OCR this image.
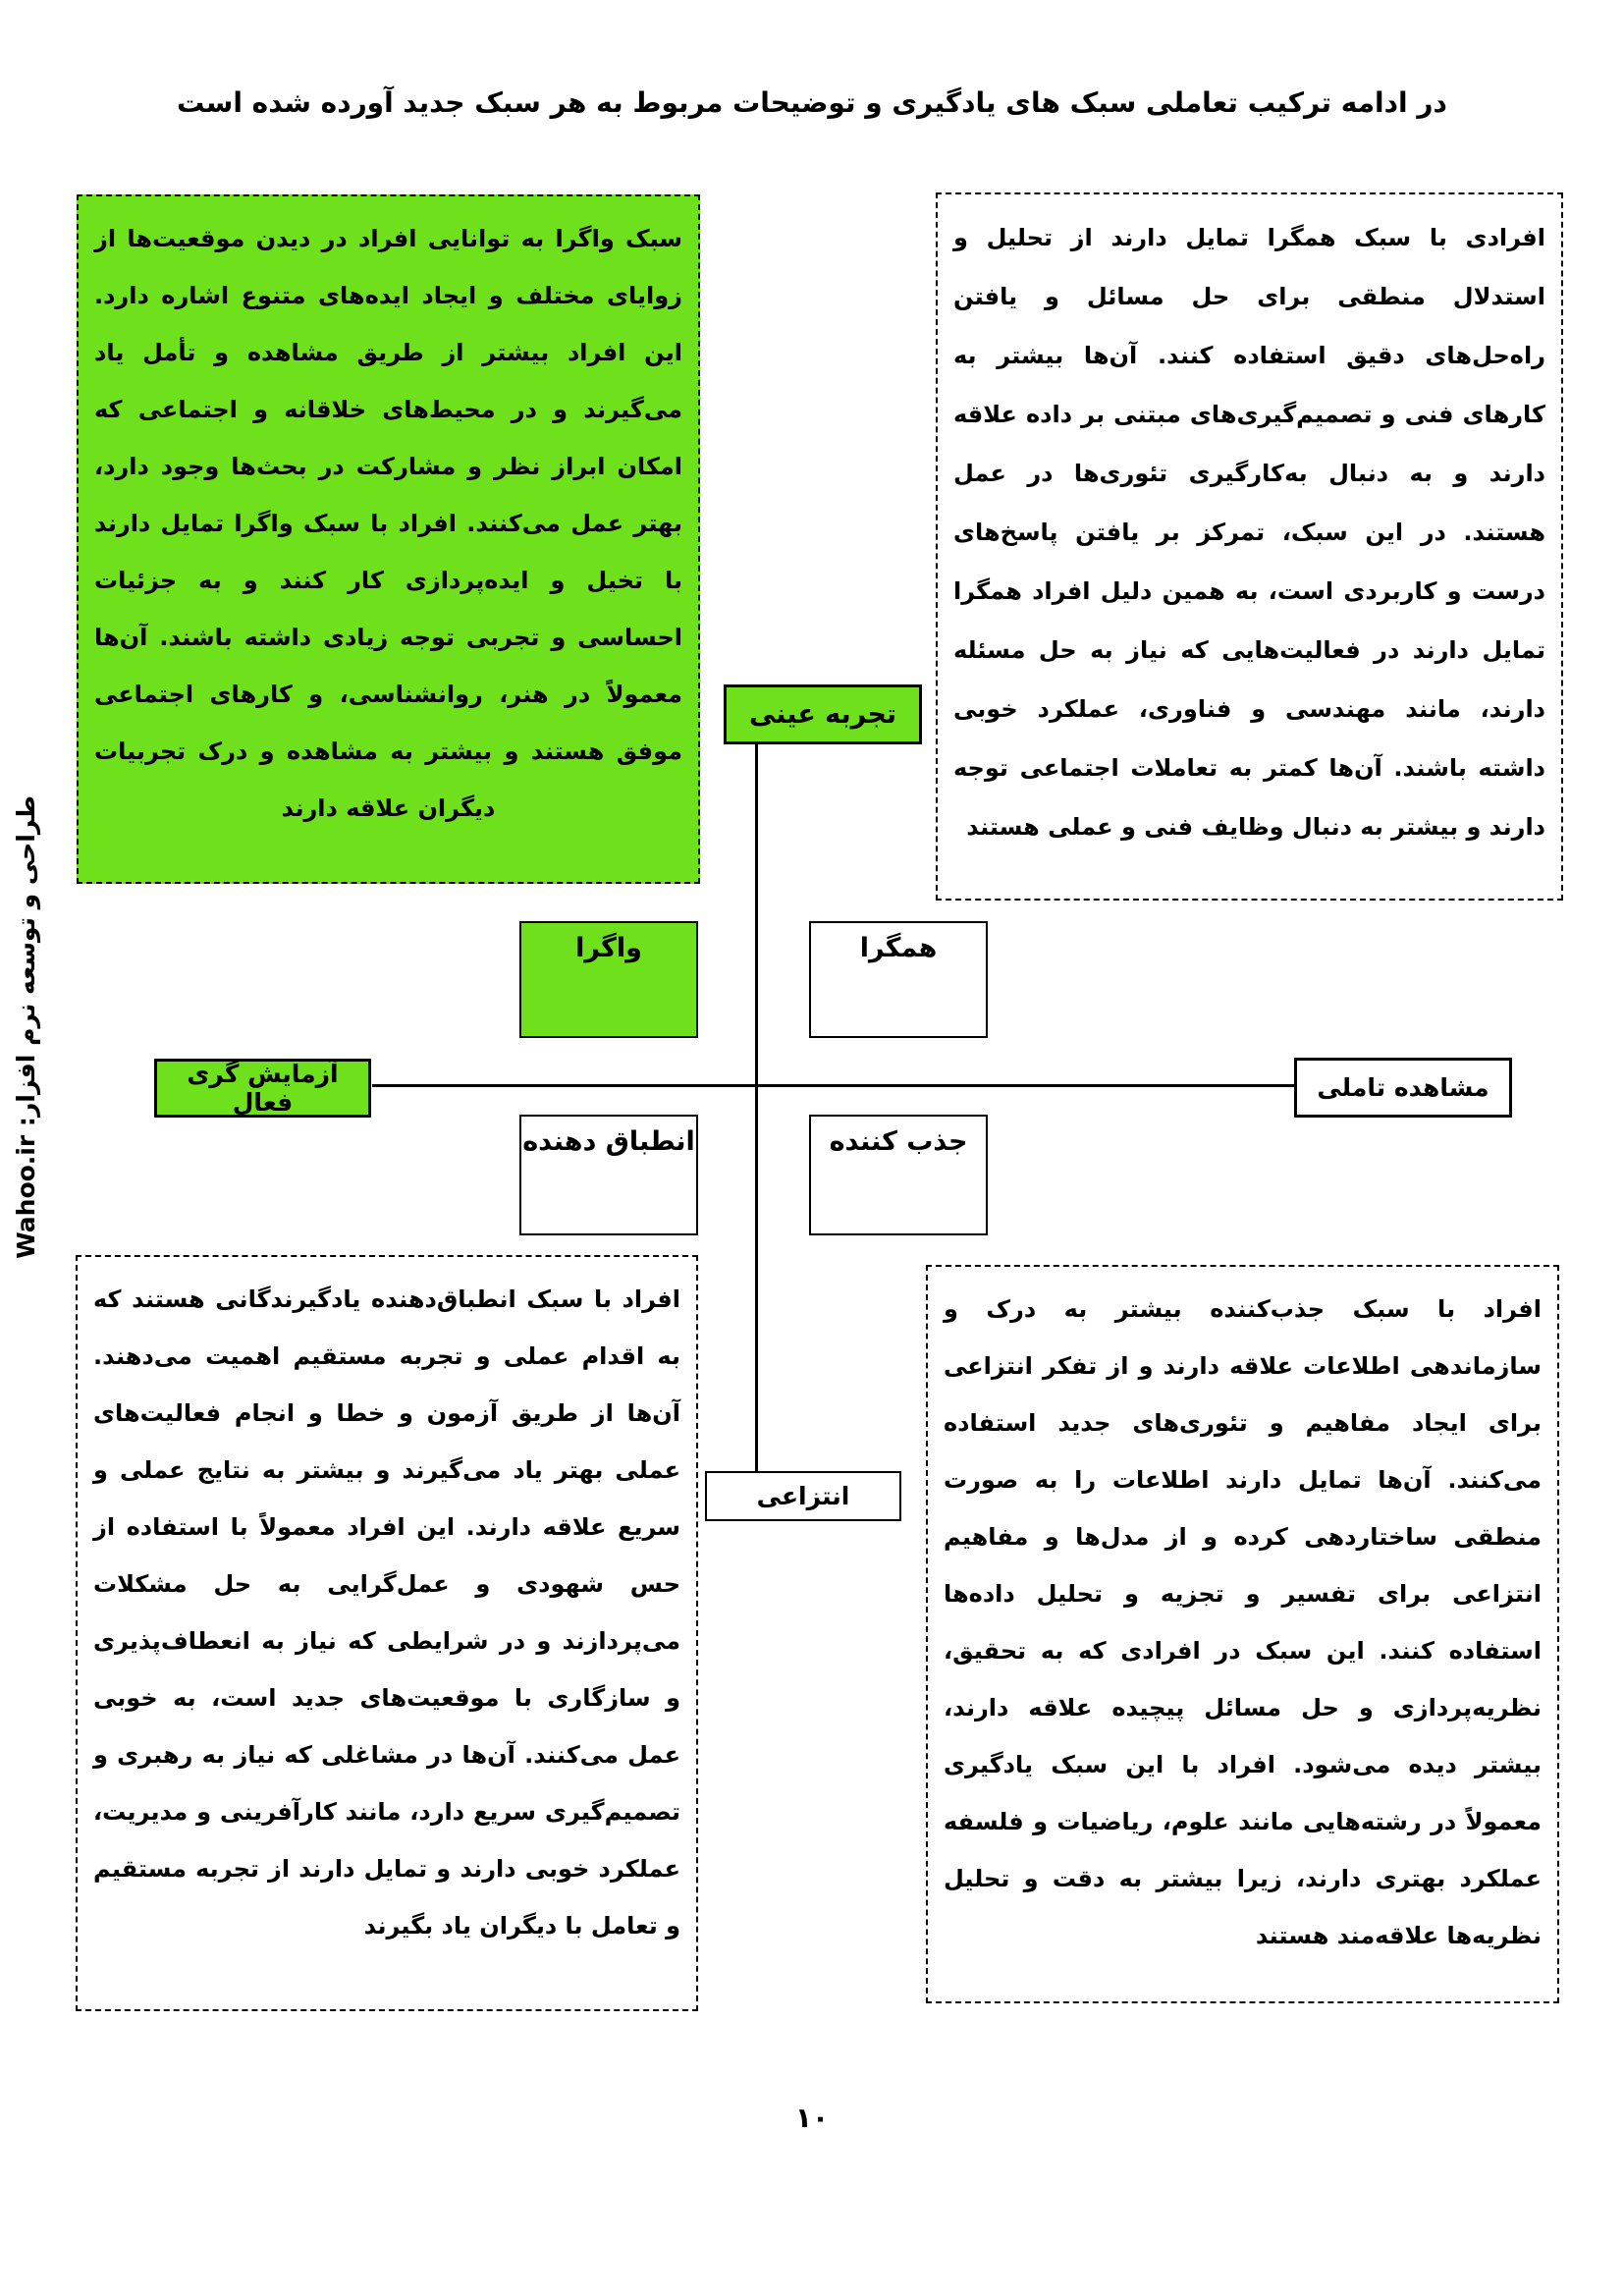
در ادامه ترکیب تعاملی سبک های یادگیری و توضیحات مربوط به هر سبک جدید آورده شده است
سبک واگرا به توانایی افراد در دیدن موقعیت‌ها از زوایای مختلف و ایجاد ایده‌های متنوع اشاره دارد. این افراد بیشتر از طریق مشاهده و تأمل یاد می‌گیرند و در محیط‌های خلاقانه و اجتماعی که امکان ابراز نظر و مشارکت در بحث‌ها وجود دارد، بهتر عمل می‌کنند. افراد با سبک واگرا تمایل دارند با تخیل و ایده‌پردازی کار کنند و به جزئیات احساسی و تجربی توجه زیادی داشته باشند. آن‌ها معمولاً در هنر، روانشناسی، و کارهای اجتماعی موفق هستند و بیشتر به مشاهده و درک تجربیات دیگران علاقه دارند
افرادی با سبک همگرا تمایل دارند از تحلیل و استدلال منطقی برای حل مسائل و یافتن راه‌حل‌های دقیق استفاده کنند. آن‌ها بیشتر به کارهای فنی و تصمیم‌گیری‌های مبتنی بر داده علاقه دارند و به دنبال به‌کارگیری تئوری‌ها در عمل هستند. در این سبک، تمرکز بر یافتن پاسخ‌های درست و کاربردی است، به همین دلیل افراد همگرا تمایل دارند در فعالیت‌هایی که نیاز به حل مسئله دارند، مانند مهندسی و فناوری، عملکرد خوبی داشته باشند. آن‌ها کمتر به تعاملات اجتماعی توجه دارند و بیشتر به دنبال وظایف فنی و عملی هستند
افراد با سبک انطباق‌دهنده یادگیرندگانی هستند که به اقدام عملی و تجربه مستقیم اهمیت می‌دهند. آن‌ها از طریق آزمون و خطا و انجام فعالیت‌های عملی بهتر یاد می‌گیرند و بیشتر به نتایج عملی و سریع علاقه دارند. این افراد معمولاً با استفاده از حس شهودی و عمل‌گرایی به حل مشکلات می‌پردازند و در شرایطی که نیاز به انعطاف‌پذیری و سازگاری با موقعیت‌های جدید است، به خوبی عمل می‌کنند. آن‌ها در مشاغلی که نیاز به رهبری و تصمیم‌گیری سریع دارد، مانند کارآفرینی و مدیریت، عملکرد خوبی دارند و تمایل دارند از تجربه مستقیم و تعامل با دیگران یاد بگیرند
افراد با سبک جذب‌کننده بیشتر به درک و سازماندهی اطلاعات علاقه دارند و از تفکر انتزاعی برای ایجاد مفاهیم و تئوری‌های جدید استفاده می‌کنند. آن‌ها تمایل دارند اطلاعات را به صورت منطقی ساختاردهی کرده و از مدل‌ها و مفاهیم انتزاعی برای تفسیر و تجزیه و تحلیل داده‌ها استفاده کنند. این سبک در افرادی که به تحقیق، نظریه‌پردازی و حل مسائل پیچیده علاقه دارند، بیشتر دیده می‌شود. افراد با این سبک یادگیری معمولاً در رشته‌هایی مانند علوم، ریاضیات و فلسفه عملکرد بهتری دارند، زیرا بیشتر به دقت و تحلیل نظریه‌ها علاقه‌مند هستند
تجربه عینی
انتزاعی
آزمایش گری فعال
مشاهده تاملی
واگرا	همگرا
انطباق دهنده	جذب کننده
طراحی و توسعه نرم افزار: Wahoo.ir
۱۰
